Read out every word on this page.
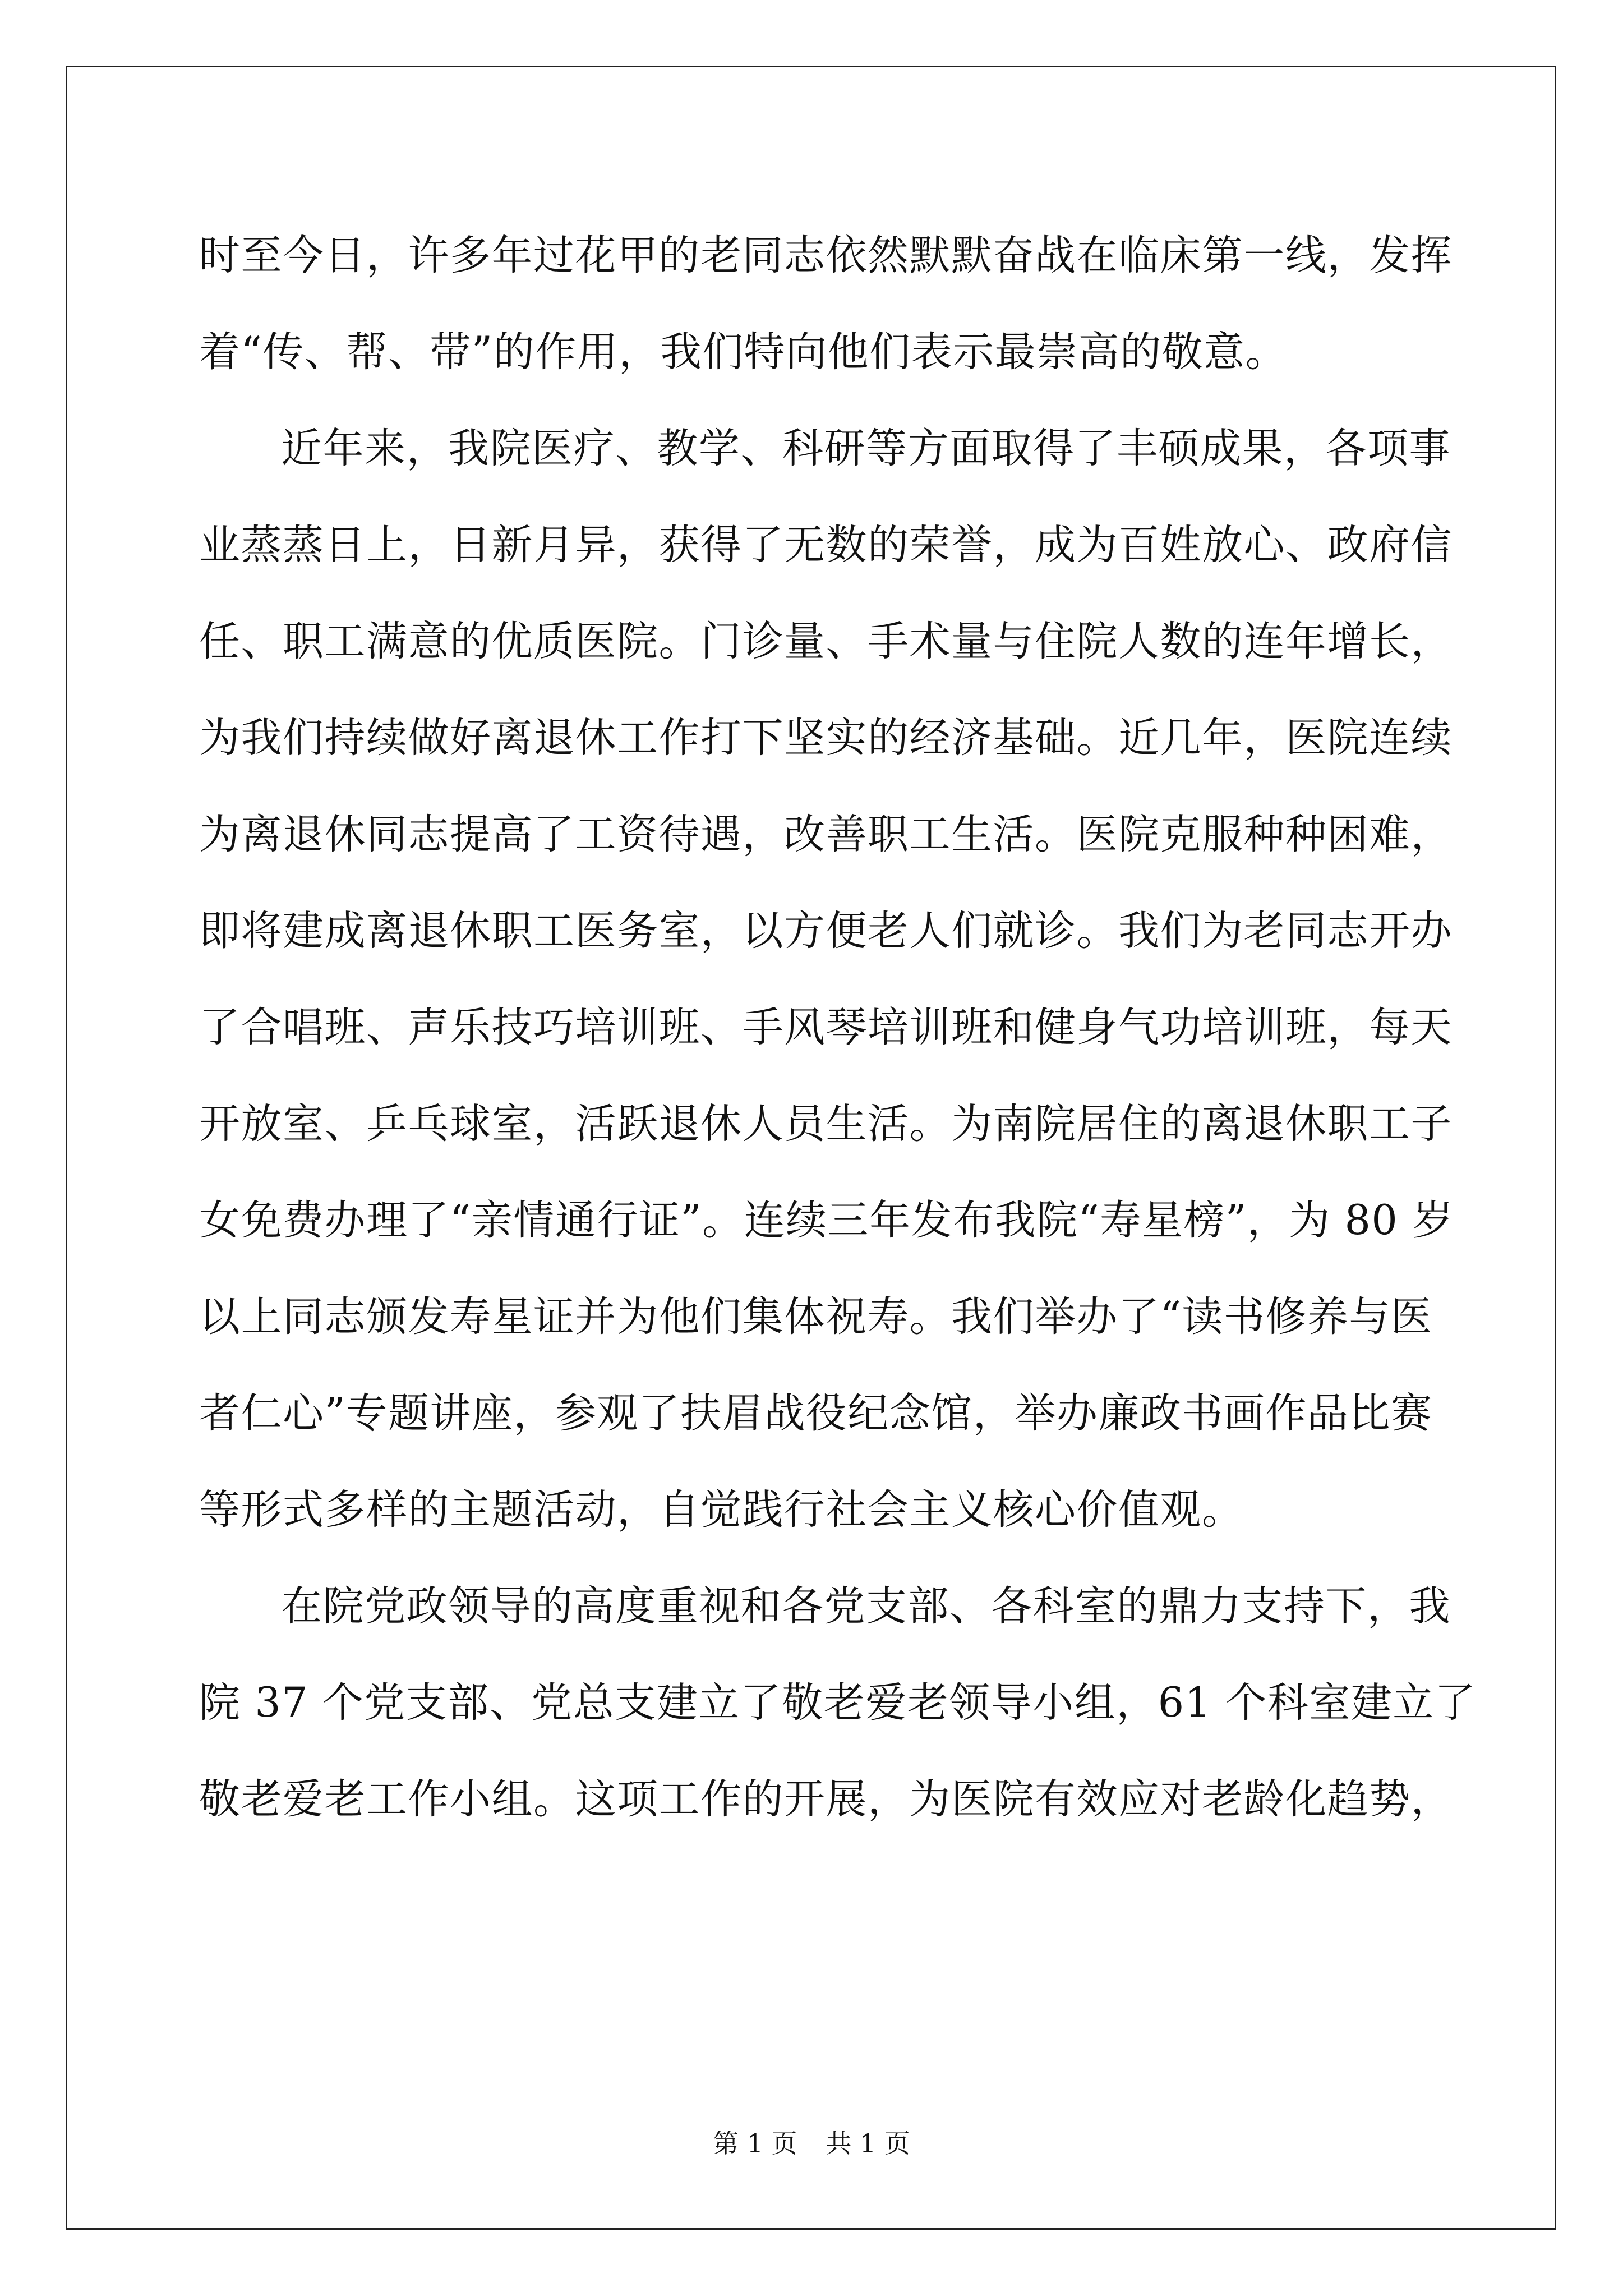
时至今日，许多年过花甲的老同志依然默默奋战在临床第一线，发挥
着“传、帮、带”的作用，我们特向他们表示最崇高的敬意。
近年来，我院医疗、教学、科研等方面取得了丰硕成果，各项事
业蒸蒸日上，日新月异，获得了无数的荣誉，成为百姓放心、政府信
任、职工满意的优质医院。门诊量、手术量与住院人数的连年增长，
为我们持续做好离退休工作打下坚实的经济基础。近几年，医院连续
为离退休同志提高了工资待遇，改善职工生活。医院克服种种困难，
即将建成离退休职工医务室，以方便老人们就诊。我们为老同志开办
了合唱班、声乐技巧培训班、手风琴培训班和健身气功培训班，每天
开放室、乒乓球室，活跃退休人员生活。为南院居住的离退休职工子
女免费办理了“亲情通行证”。连续三年发布我院“寿星榜”，为 80 岁
以上同志颁发寿星证并为他们集体祝寿。我们举办了“读书修养与医
者仁心”专题讲座，参观了扶眉战役纪念馆，举办廉政书画作品比赛
等形式多样的主题活动，自觉践行社会主义核心价值观。
在院党政领导的高度重视和各党支部、各科室的鼎力支持下，我
院 37 个党支部、党总支建立了敬老爱老领导小组，61 个科室建立了
敬老爱老工作小组。这项工作的开展，为医院有效应对老龄化趋势，
第 1 页 共 1 页
